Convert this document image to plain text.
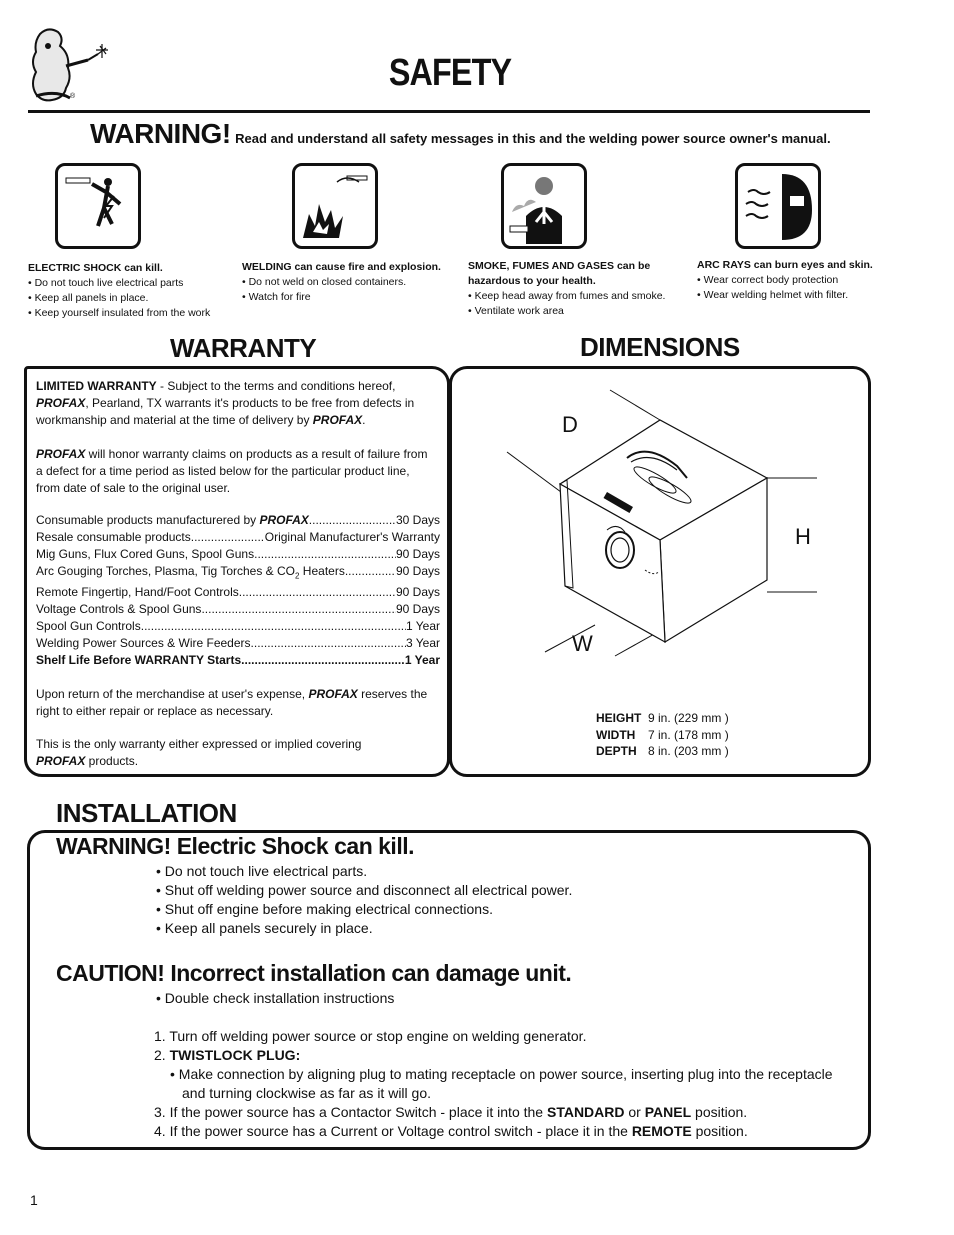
®
SAFETY
WARNING! Read and understand all safety messages in this and the welding power source owner's manual.
ELECTRIC SHOCK can kill.
• Do not touch live electrical parts
• Keep all panels in place.
• Keep yourself insulated from the work
WELDING can cause fire and explosion.
• Do not weld on closed containers.
• Watch for fire
SMOKE, FUMES AND GASES can be
hazardous to your health.
• Keep head away from fumes and smoke.
• Ventilate work area
ARC RAYS can burn eyes and skin.
• Wear correct body protection
• Wear welding helmet with filter.
WARRANTY	DIMENSIONS
LIMITED WARRANTY - Subject to the terms and conditions hereof,
PROFAX, Pearland, TX warrants it's products to be free from defects in
workmanship and material at the time of delivery by PROFAX.
PROFAX will honor warranty claims on products as a result of failure from
a defect for a time period as listed below for the particular product line,
from date of sale to the original user.
Consumable products manufacturered by PROFAX .....	30 Days
Resale consumable products .....	Original Manufacturer's Warranty
Mig Guns, Flux Cored Guns, Spool Guns .....	90 Days
Arc Gouging Torches, Plasma, Tig Torches & $CO_2$ Heaters .....	90 Days
Remote Fingertip, Hand/Foot Controls .....	90 Days
Voltage Controls & Spool Guns .....	90 Days
Spool Gun Controls .....	1 Year
Welding Power Sources & Wire Feeders .....	3 Year
Shelf Life Before WARRANTY Starts .....	1 Year
Upon return of the merchandise at user's expense, PROFAX reserves the
right to either repair or replace as necessary.
This is the only warranty either expressed or implied covering
PROFAX products.
D
H
W
HEIGHT 9 in. (229 mm )
WIDTH 7 in. (178 mm )
DEPTH 8 in. (203 mm )
INSTALLATION
WARNING! Electric Shock can kill.
• Do not touch live electrical parts.
• Shut off welding power source and disconnect all electrical power.
• Shut off engine before making electrical connections.
• Keep all panels securely in place.
CAUTION! Incorrect installation can damage unit.
• Double check installation instructions
1. Turn off welding power source or stop engine on welding generator.
2. TWISTLOCK PLUG:
• Make connection by aligning plug to mating receptacle on power source, inserting plug into the receptacle
and turning clockwise as far as it will go.
3. If the power source has a Contactor Switch - place it into the STANDARD or PANEL position.
4. If the power source has a Current or Voltage control switch - place it in the REMOTE position.
1
